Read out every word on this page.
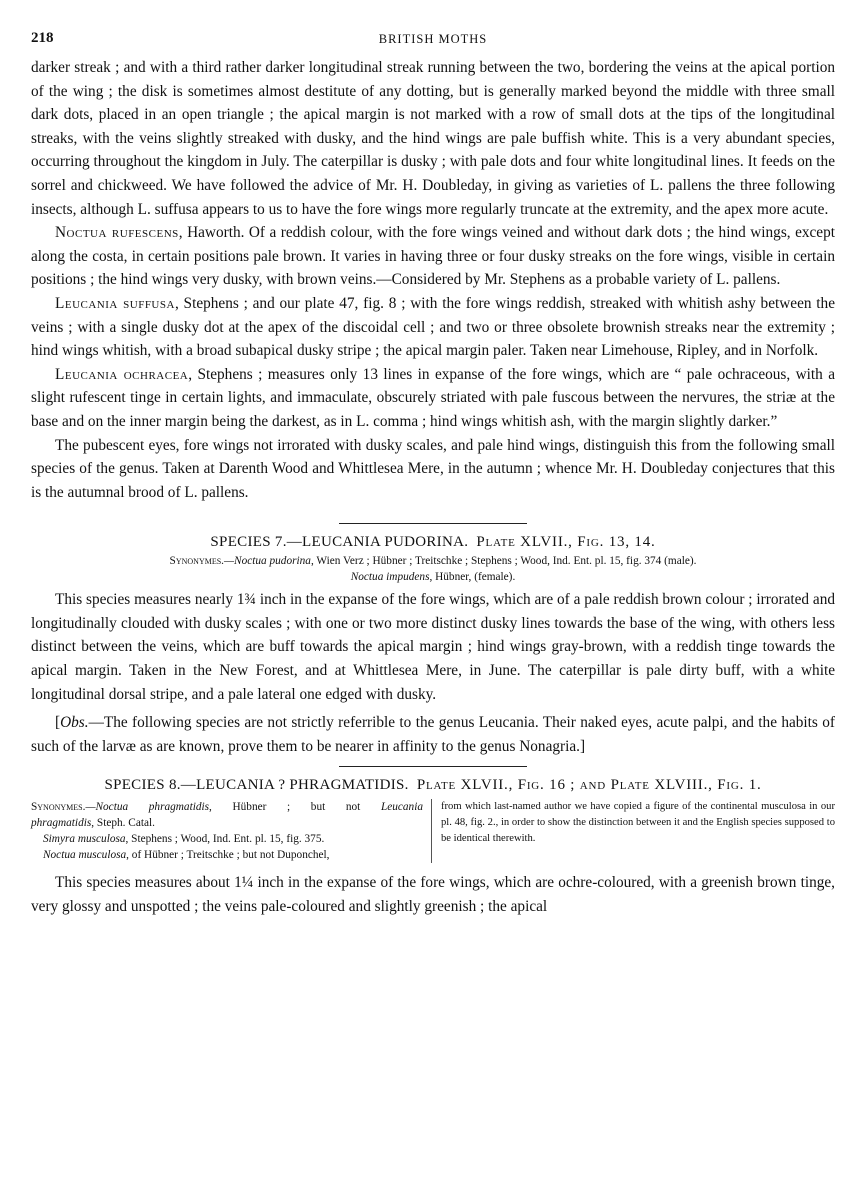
218	BRITISH MOTHS

darker streak ; and with a third rather darker longitudinal streak running between the two, bordering the veins at the apical portion of the wing ; the disk is sometimes almost destitute of any dotting, but is generally marked beyond the middle with three small dark dots, placed in an open triangle ; the apical margin is not marked with a row of small dots at the tips of the longitudinal streaks, with the veins slightly streaked with dusky, and the hind wings are pale buffish white. This is a very abundant species, occurring throughout the kingdom in July. The caterpillar is dusky ; with pale dots and four white longitudinal lines. It feeds on the sorrel and chickweed. We have followed the advice of Mr. H. Doubleday, in giving as varieties of L. pallens the three following insects, although L. suffusa appears to us to have the fore wings more regularly truncate at the extremity, and the apex more acute.

Noctua rufescens, Haworth. Of a reddish colour, with the fore wings veined and without dark dots ; the hind wings, except along the costa, in certain positions pale brown. It varies in having three or four dusky streaks on the fore wings, visible in certain positions ; the hind wings very dusky, with brown veins.—Considered by Mr. Stephens as a probable variety of L. pallens.

Leucania suffusa, Stephens ; and our plate 47, fig. 8 ; with the fore wings reddish, streaked with whitish ashy between the veins ; with a single dusky dot at the apex of the discoidal cell ; and two or three obsolete brownish streaks near the extremity ; hind wings whitish, with a broad subapical dusky stripe ; the apical margin paler. Taken near Limehouse, Ripley, and in Norfolk.

Leucania ochracea, Stephens ; measures only 13 lines in expanse of the fore wings, which are “ pale ochraceous, with a slight rufescent tinge in certain lights, and immaculate, obscurely striated with pale fuscous between the nervures, the striæ at the base and on the inner margin being the darkest, as in L. comma ; hind wings whitish ash, with the margin slightly darker.”

The pubescent eyes, fore wings not irrorated with dusky scales, and pale hind wings, distinguish this from the following small species of the genus. Taken at Darenth Wood and Whittlesea Mere, in the autumn ; whence Mr. H. Doubleday conjectures that this is the autumnal brood of L. pallens.

SPECIES 7.—LEUCANIA PUDORINA. Plate XLVII., Fig. 13, 14.
Synonymes.—Noctua pudorina, Wien Verz ; Hübner ; Treitschke ; Stephens ; Wood, Ind. Ent. pl. 15, fig. 374 (male).
Noctua impudens, Hübner, (female).

This species measures nearly 1¾ inch in the expanse of the fore wings, which are of a pale reddish brown colour ; irrorated and longitudinally clouded with dusky scales ; with one or two more distinct dusky lines towards the base of the wing, with others less distinct between the veins, which are buff towards the apical margin ; hind wings gray-brown, with a reddish tinge towards the apical margin. Taken in the New Forest, and at Whittlesea Mere, in June. The caterpillar is pale dirty buff, with a white longitudinal dorsal stripe, and a pale lateral one edged with dusky.

[Obs.—The following species are not strictly referrible to the genus Leucania. Their naked eyes, acute palpi, and the habits of such of the larvæ as are known, prove them to be nearer in affinity to the genus Nonagria.]

SPECIES 8.—LEUCANIA ? PHRAGMATIDIS. Plate XLVII., Fig. 16 ; and Plate XLVIII., Fig. 1.
Synonymes.—Noctua phragmatidis, Hübner ; but not Leucania
phragmatidis, Steph. Catal.
Simyra musculosa, Stephens ; Wood, Ind. Ent. pl. 15, fig. 375.
Noctua musculosa, of Hübner ; Treitschke ; but not Duponchel,
from which last-named author we have copied a figure of the continental musculosa in our pl. 48, fig. 2., in order to show the distinction between it and the English species supposed to be identical therewith.

This species measures about 1¼ inch in the expanse of the fore wings, which are ochre-coloured, with a greenish brown tinge, very glossy and unspotted ; the veins pale-coloured and slightly greenish ; the apical
